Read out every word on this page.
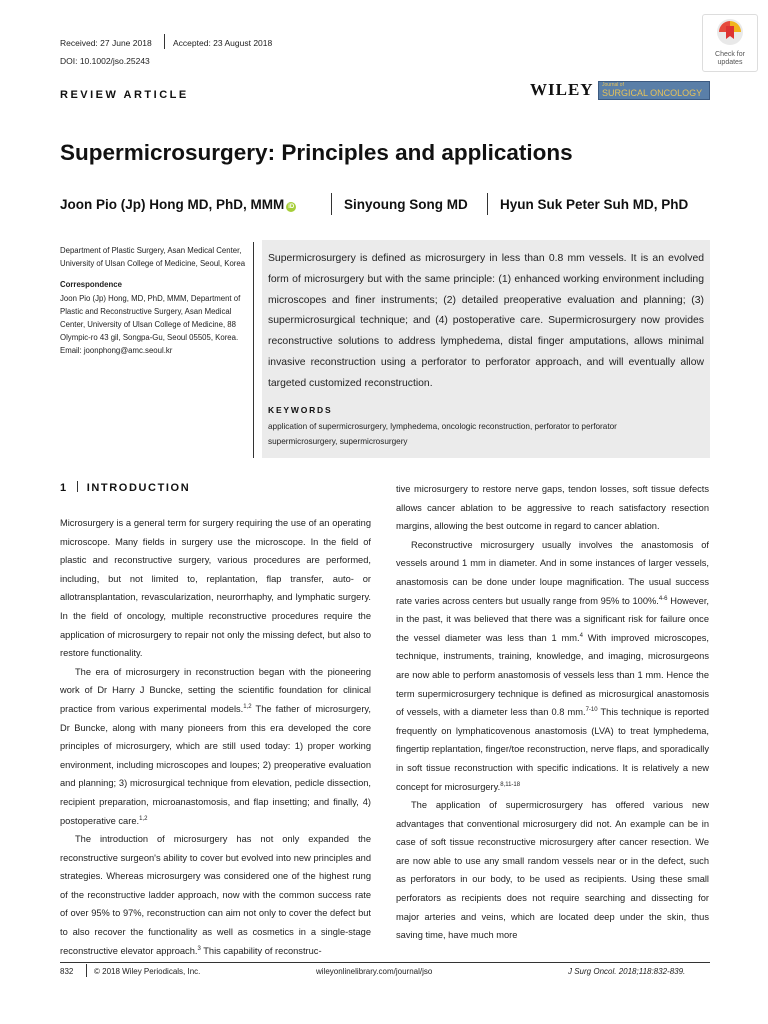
Received: 27 June 2018	Accepted: 23 August 2018
DOI: 10.1002/jso.25243
Check for updates
REVIEW ARTICLE	WILEY Journal of
SURGICAL ONCOLOGY
Supermicrosurgery: Principles and applications
Joon Pio (Jp) Hong MD, PhD, MMM iD	Sinyoung Song MD Hyun Suk Peter Suh MD, PhD
Department of Plastic Surgery, Asan Medical Center, University of Ulsan College of Medicine, Seoul, Korea
Correspondence
Joon Pio (Jp) Hong, MD, PhD, MMM, Department of Plastic and Reconstructive Surgery, Asan Medical Center, University of Ulsan College of Medicine, 88 Olympic-ro 43 gil, Songpa-Gu, Seoul 05505, Korea.
Email: joonphong@amc.seoul.kr
Supermicrosurgery is defined as microsurgery in less than 0.8 mm vessels. It is an evolved form of microsurgery but with the same principle: (1) enhanced working environment including microscopes and finer instruments; (2) detailed preoperative evaluation and planning; (3) supermicrosurgical technique; and (4) postoperative care. Supermicrosurgery now provides reconstructive solutions to address lymphedema, distal finger amputations, allows minimal invasive reconstruction using a perforator to perforator approach, and will eventually allow targeted customized reconstruction.
KEYWORDS
application of supermicrosurgery, lymphedema, oncologic reconstruction, perforator to perforator supermicrosurgery, supermicrosurgery
1 INTRODUCTION

Microsurgery is a general term for surgery requiring the use of an operating microscope. Many fields in surgery use the microscope. In the field of plastic and reconstructive surgery, various procedures are performed, including, but not limited to, replantation, flap transfer, auto- or allotransplantation, revascularization, neurorrhaphy, and lymphatic surgery. In the field of oncology, multiple reconstructive procedures require the application of microsurgery to repair not only the missing defect, but also to restore functionality.

The era of microsurgery in reconstruction began with the pioneering work of Dr Harry J Buncke, setting the scientific foundation for clinical practice from various experimental models.$^{1,2}$ The father of microsurgery, Dr Buncke, along with many pioneers from this era developed the core principles of microsurgery, which are still used today: 1) proper working environment, including microscopes and loupes; 2) preoperative evaluation and planning; 3) microsurgical technique from elevation, pedicle dissection, recipient preparation, microanastomosis, and flap insetting; and finally, 4) postoperative care.$^{1,2}$

The introduction of microsurgery has not only expanded the reconstructive surgeon's ability to cover but evolved into new principles and strategies. Whereas microsurgery was considered one of the highest rung of the reconstructive ladder approach, now with the common success rate of over 95% to 97%, reconstruction can aim not only to cover the defect but to also recover the functionality as well as cosmetics in a single-stage reconstructive elevator approach.$^3$ This capability of reconstruc-

tive microsurgery to restore nerve gaps, tendon losses, soft tissue defects allows cancer ablation to be aggressive to reach satisfactory resection margins, allowing the best outcome in regard to cancer ablation.

Reconstructive microsurgery usually involves the anastomosis of vessels around 1 mm in diameter. And in some instances of larger vessels, anastomosis can be done under loupe magnification. The usual success rate varies across centers but usually range from 95% to 100%.$^{4-6}$ However, in the past, it was believed that there was a significant risk for failure once the vessel diameter was less than 1 mm.$^4$ With improved microscopes, technique, instruments, training, knowledge, and imaging, microsurgeons are now able to perform anastomosis of vessels less than 1 mm. Hence the term supermicrosurgery technique is defined as microsurgical anastomosis of vessels, with a diameter less than 0.8 mm.$^{7-10}$ This technique is reported frequently on lymphaticovenous anastomosis (LVA) to treat lymphedema, fingertip replantation, finger/toe reconstruction, nerve flaps, and sporadically in soft tissue reconstruction with specific indications. It is relatively a new concept for microsurgery.$^{8,11-18}$

The application of supermicrosurgery has offered various new advantages that conventional microsurgery did not. An example can be in case of soft tissue reconstructive microsurgery after cancer resection. We are now able to use any small random vessels near or in the defect, such as perforators in our body, to be used as recipients. Using these small perforators as recipients does not require searching and dissecting for major arteries and veins, which are located deep under the skin, thus saving time, have much more

832	© 2018 Wiley Periodicals, Inc.	wileyonlinelibrary.com/journal/jso	J Surg Oncol. 2018;118:832-839.
